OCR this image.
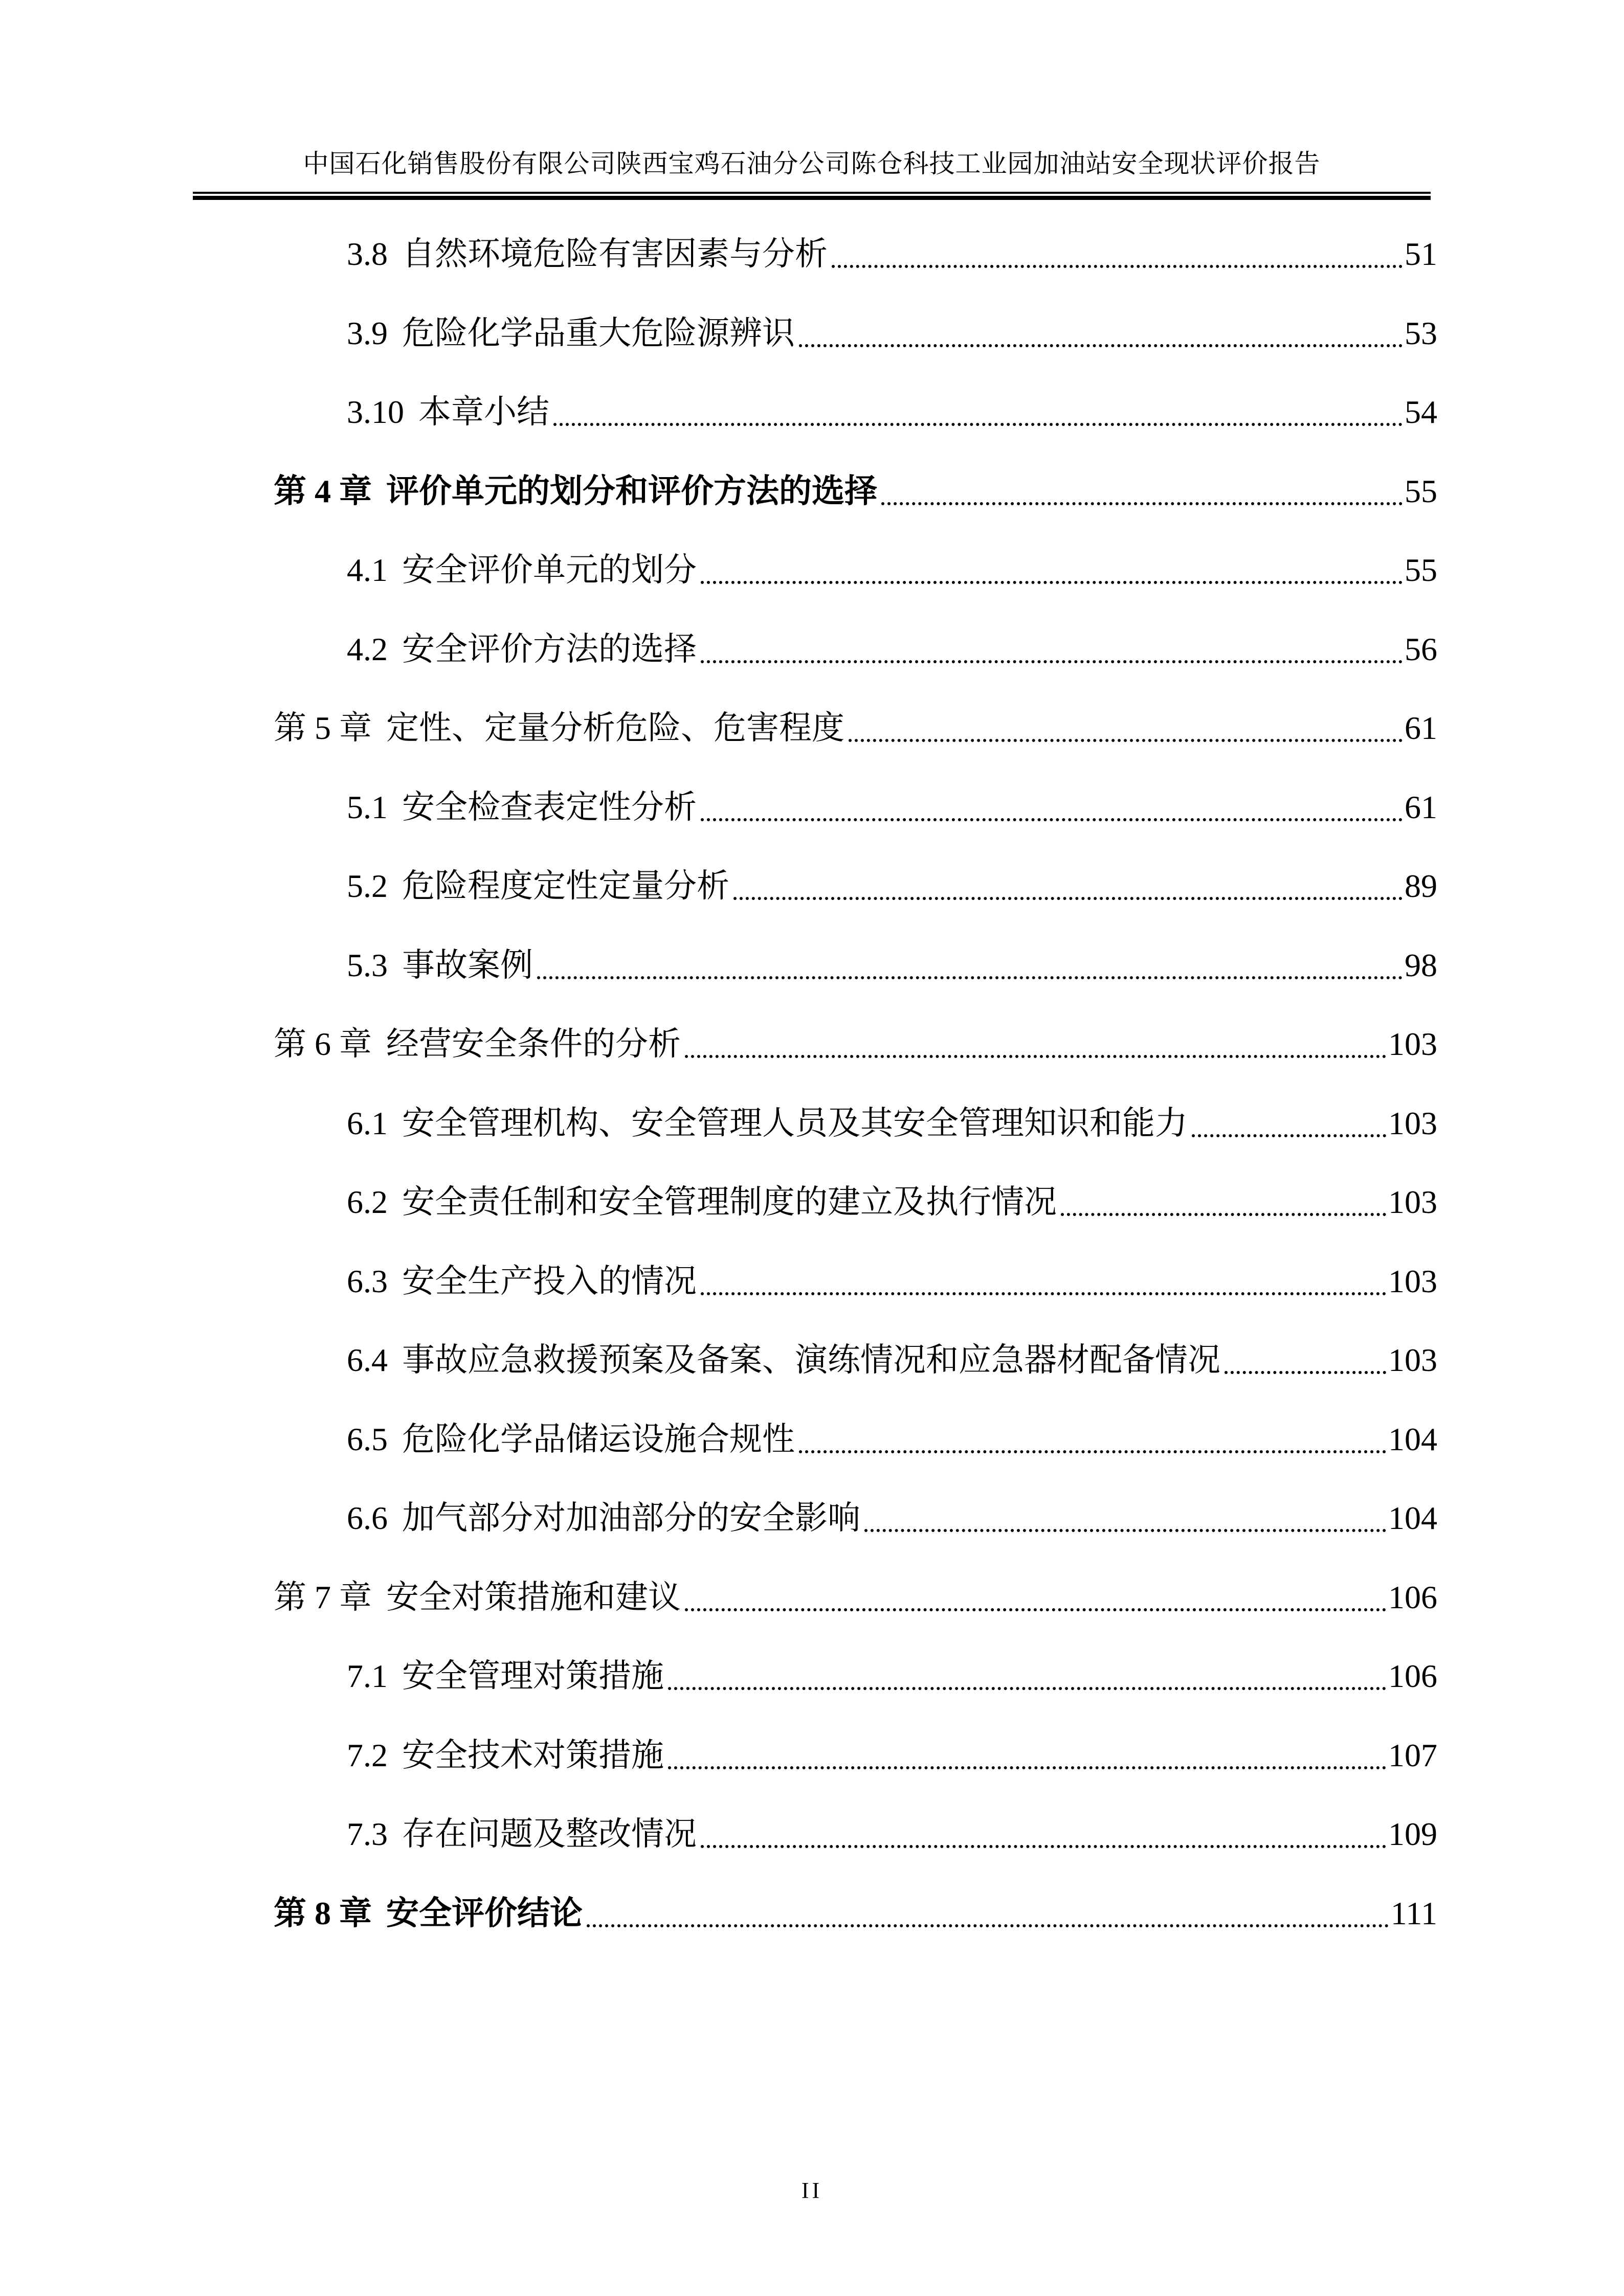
中国石化销售股份有限公司陕西宝鸡石油分公司陈仓科技工业园加油站安全现状评价报告
3.8 自然环境危险有害因素与分析	51
3.9 危险化学品重大危险源辨识	53
3.10 本章小结	54
第 4 章 评价单元的划分和评价方法的选择	55
4.1 安全评价单元的划分	55
4.2 安全评价方法的选择	56
第 5 章 定性、定量分析危险、危害程度	61
5.1 安全检查表定性分析	61
5.2 危险程度定性定量分析	89
5.3 事故案例	98
第 6 章 经营安全条件的分析	103
6.1 安全管理机构、安全管理人员及其安全管理知识和能力	103
6.2 安全责任制和安全管理制度的建立及执行情况	103
6.3 安全生产投入的情况	103
6.4 事故应急救援预案及备案、演练情况和应急器材配备情况	103
6.5 危险化学品储运设施合规性	104
6.6 加气部分对加油部分的安全影响	104
第 7 章 安全对策措施和建议	106
7.1 安全管理对策措施	106
7.2 安全技术对策措施	107
7.3 存在问题及整改情况	109
第 8 章 安全评价结论	111
II
